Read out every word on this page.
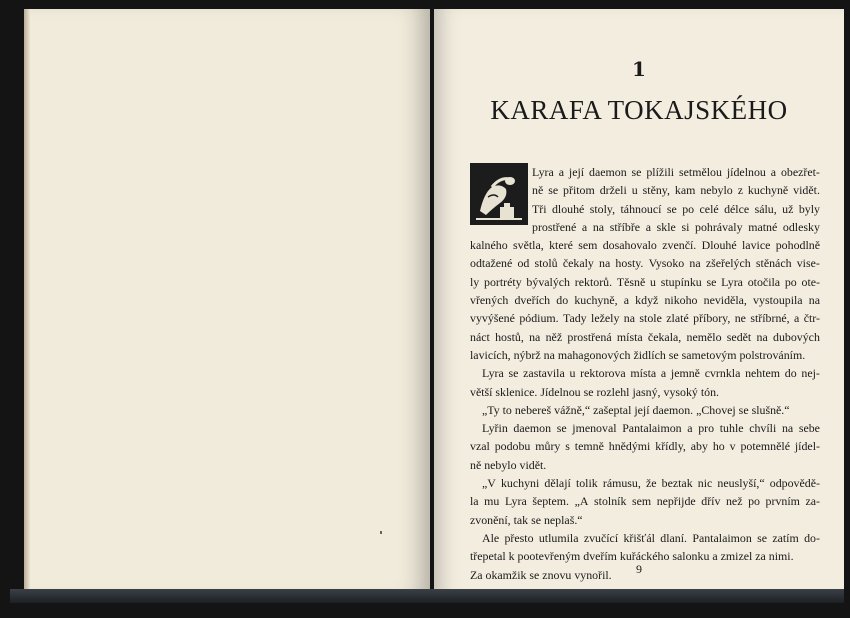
1
KARAFA TOKAJSKÉHO
Lyra a její daemon se plížili setmělou jídelnou a obezřet-
ně se přitom drželi u stěny, kam nebylo z kuchyně vidět.
Tři dlouhé stoly, táhnoucí se po celé délce sálu, už byly
prostřené a na stříbře a skle si pohrávaly matné odlesky
kalného světla, které sem dosahovalo zvenčí. Dlouhé lavice pohodlně
odtažené od stolů čekaly na hosty. Vysoko na zšeřelých stěnách vise-
ly portréty bývalých rektorů. Těsně u stupínku se Lyra otočila po ote-
vřených dveřích do kuchyně, a když nikoho neviděla, vystoupila na
vyvýšené pódium. Tady ležely na stole zlaté příbory, ne stříbrné, a čtr-
náct hostů, na něž prostřená místa čekala, nemělo sedět na dubových
lavicích, nýbrž na mahagonových židlích se sametovým polstrováním.
Lyra se zastavila u rektorova místa a jemně cvrnkla nehtem do nej-
větší sklenice. Jídelnou se rozlehl jasný, vysoký tón.
„Ty to nebereš vážně,“ zašeptal její daemon. „Chovej se slušně.“
Lyřin daemon se jmenoval Pantalaimon a pro tuhle chvíli na sebe
vzal podobu můry s temně hnědými křídly, aby ho v potemnělé jídel-
ně nebylo vidět.
„V kuchyni dělají tolik rámusu, že beztak nic neuslyší,“ odpovědě-
la mu Lyra šeptem. „A stolník sem nepřijde dřív než po prvním za-
zvonění, tak se neplaš.“
Ale přesto utlumila zvučící křišťál dlaní. Pantalaimon se zatím do-
třepetal k pootevřeným dveřím kuřáckého salonku a zmizel za nimi.
Za okamžik se znovu vynořil.	9
